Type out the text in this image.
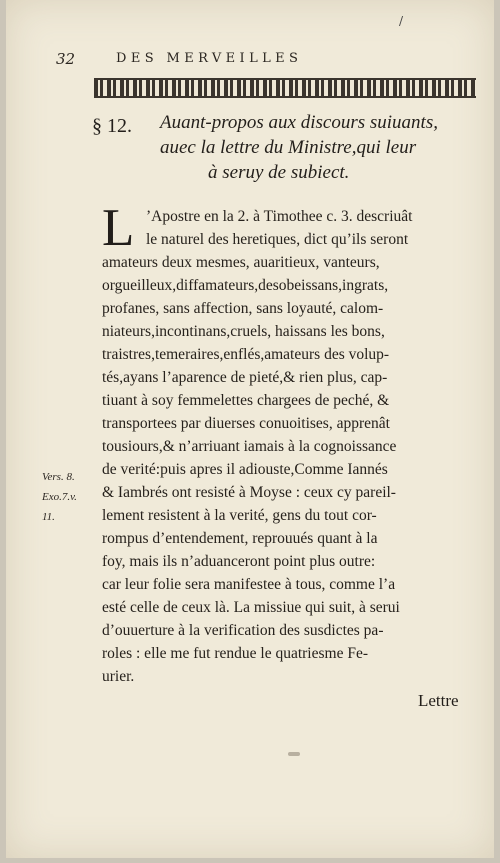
/
32	DES MERVEILLES
§ 12. Auant-propos aux discours suiuants,
auec la lettre du Ministre,qui leur
à seruy de subiect.
L ’Apostre en la 2. à Timothee c. 3. descriuât
le naturel des heretiques, dict qu’ils seront
amateurs deux mesmes, auaritieux, vanteurs,
orgueilleux,diffamateurs,desobeissans,ingrats,
profanes, sans affection, sans loyauté, calom-
niateurs,incontinans,cruels, haissans les bons,
traistres,temeraires,enflés,amateurs des volup-
tés,ayans l’aparence de pieté,& rien plus, cap-
tiuant à soy femmelettes chargees de peché, &
transportees par diuerses conuoitises, apprenât
tousiours,& n’arriuant iamais à la cognoissance
de verité:puis apres il adiouste,Comme Iannés
& Iambrés ont resisté à Moyse : ceux cy pareil-
lement resistent à la verité, gens du tout cor-
rompus d’entendement, reprouués quant à la
foy, mais ils n’aduanceront point plus outre:
car leur folie sera manifestee à tous, comme l’a
esté celle de ceux là. La missiue qui suit, à serui
d’ouuerture à la verification des susdictes pa-
roles : elle me fut rendue le quatriesme Fe-
urier.
Vers. 8.
Exo.7.v.
11.
Lettre
